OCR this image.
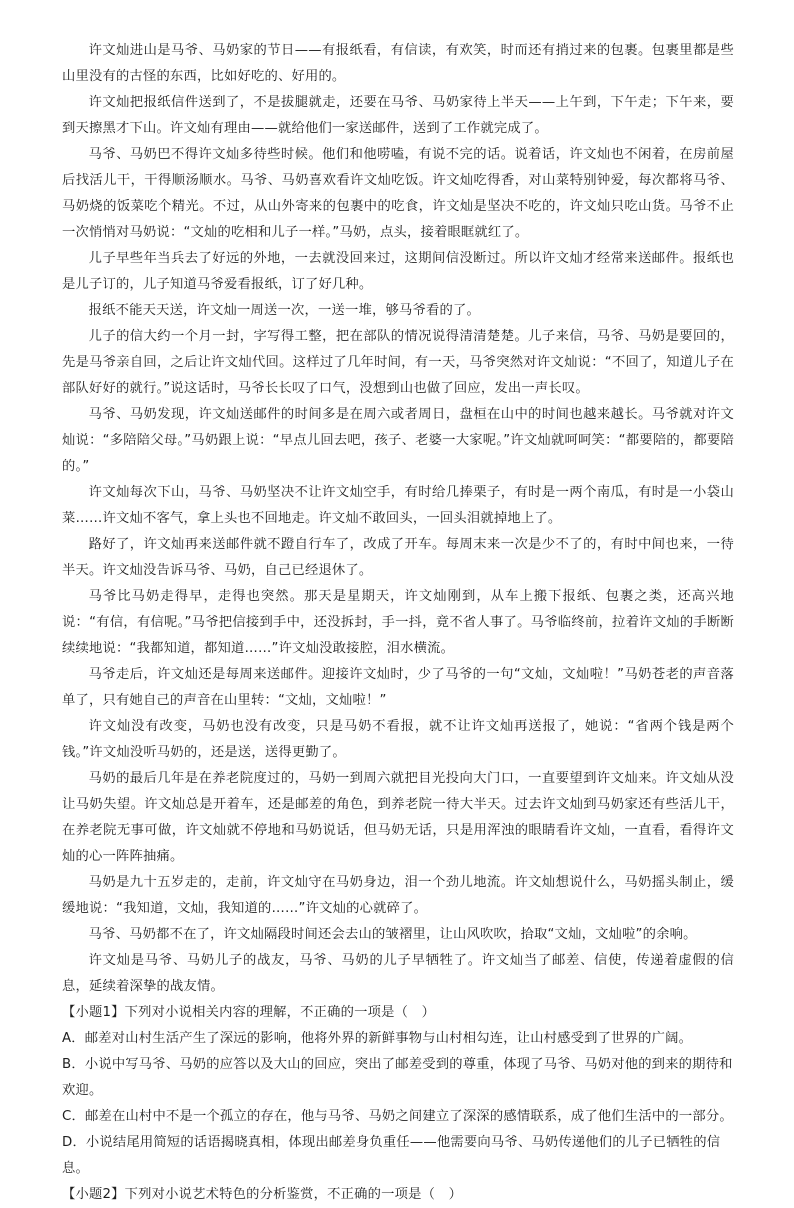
许文灿进山是马爷、马奶家的节日——有报纸看，有信读，有欢笑，时而还有捎过来的包裹。包裹里都是些山里没有的古怪的东西，比如好吃的、好用的。

许文灿把报纸信件送到了，不是拔腿就走，还要在马爷、马奶家待上半天——上午到，下午走；下午来，要到天擦黑才下山。许文灿有理由——就给他们一家送邮件，送到了工作就完成了。

马爷、马奶巴不得许文灿多待些时候。他们和他唠嗑，有说不完的话。说着话，许文灿也不闲着，在房前屋后找活儿干，干得顺汤顺水。马爷、马奶喜欢看许文灿吃饭。许文灿吃得香，对山菜特别钟爱，每次都将马爷、马奶烧的饭菜吃个精光。不过，从山外寄来的包裹中的吃食，许文灿是坚决不吃的，许文灿只吃山货。马爷不止一次悄悄对马奶说：“文灿的吃相和儿子一样。”马奶，点头，接着眼眶就红了。

儿子早些年当兵去了好远的外地，一去就没回来过，这期间信没断过。所以许文灿才经常来送邮件。报纸也是儿子订的，儿子知道马爷爱看报纸，订了好几种。

报纸不能天天送，许文灿一周送一次，一送一堆，够马爷看的了。

儿子的信大约一个月一封，字写得工整，把在部队的情况说得清清楚楚。儿子来信，马爷、马奶是要回的，先是马爷亲自回，之后让许文灿代回。这样过了几年时间，有一天，马爷突然对许文灿说：“不回了，知道儿子在部队好好的就行。”说这话时，马爷长长叹了口气，没想到山也做了回应，发出一声长叹。

马爷、马奶发现，许文灿送邮件的时间多是在周六或者周日，盘桓在山中的时间也越来越长。马爷就对许文灿说：“多陪陪父母。”马奶跟上说：“早点儿回去吧，孩子、老婆一大家呢。”许文灿就呵呵笑：“都要陪的，都要陪的。”

许文灿每次下山，马爷、马奶坚决不让许文灿空手，有时给几捧栗子，有时是一两个南瓜，有时是一小袋山菜……许文灿不客气，拿上头也不回地走。许文灿不敢回头，一回头泪就掉地上了。

路好了，许文灿再来送邮件就不蹬自行车了，改成了开车。每周末来一次是少不了的，有时中间也来，一待半天。许文灿没告诉马爷、马奶，自己已经退休了。

马爷比马奶走得早，走得也突然。那天是星期天，许文灿刚到，从车上搬下报纸、包裹之类，还高兴地说：“有信，有信呢。”马爷把信接到手中，还没拆封，手一抖，竟不省人事了。马爷临终前，拉着许文灿的手断断续续地说：“我都知道，都知道……”许文灿没敢接腔，泪水横流。

马爷走后，许文灿还是每周来送邮件。迎接许文灿时，少了马爷的一句“文灿，文灿啦！”马奶苍老的声音落单了，只有她自己的声音在山里转：“文灿，文灿啦！”

许文灿没有改变，马奶也没有改变，只是马奶不看报，就不让许文灿再送报了，她说：“省两个钱是两个钱。”许文灿没听马奶的，还是送，送得更勤了。

马奶的最后几年是在养老院度过的，马奶一到周六就把目光投向大门口，一直要望到许文灿来。许文灿从没让马奶失望。许文灿总是开着车，还是邮差的角色，到养老院一待大半天。过去许文灿到马奶家还有些活儿干，在养老院无事可做，许文灿就不停地和马奶说话，但马奶无话，只是用浑浊的眼睛看许文灿，一直看，看得许文灿的心一阵阵抽痛。

马奶是九十五岁走的，走前，许文灿守在马奶身边，泪一个劲儿地流。许文灿想说什么，马奶摇头制止，缓缓地说：“我知道，文灿，我知道的……”许文灿的心就碎了。

马爷、马奶都不在了，许文灿隔段时间还会去山的皱褶里，让山风吹吹，拾取“文灿，文灿啦”的余响。

许文灿是马爷、马奶儿子的战友，马爷、马奶的儿子早牺牲了。许文灿当了邮差、信使，传递着虚假的信息，延续着深挚的战友情。

【小题1】下列对小说相关内容的理解，不正确的一项是（　）

A．邮差对山村生活产生了深远的影响，他将外界的新鲜事物与山村相勾连，让山村感受到了世界的广阔。

B．小说中写马爷、马奶的应答以及大山的回应，突出了邮差受到的尊重，体现了马爷、马奶对他的到来的期待和欢迎。

C．邮差在山村中不是一个孤立的存在，他与马爷、马奶之间建立了深深的感情联系，成了他们生活中的一部分。

D．小说结尾用简短的话语揭晓真相，体现出邮差身负重任——他需要向马爷、马奶传递他们的儿子已牺牲的信息。

【小题2】下列对小说艺术特色的分析鉴赏，不正确的一项是（　）
